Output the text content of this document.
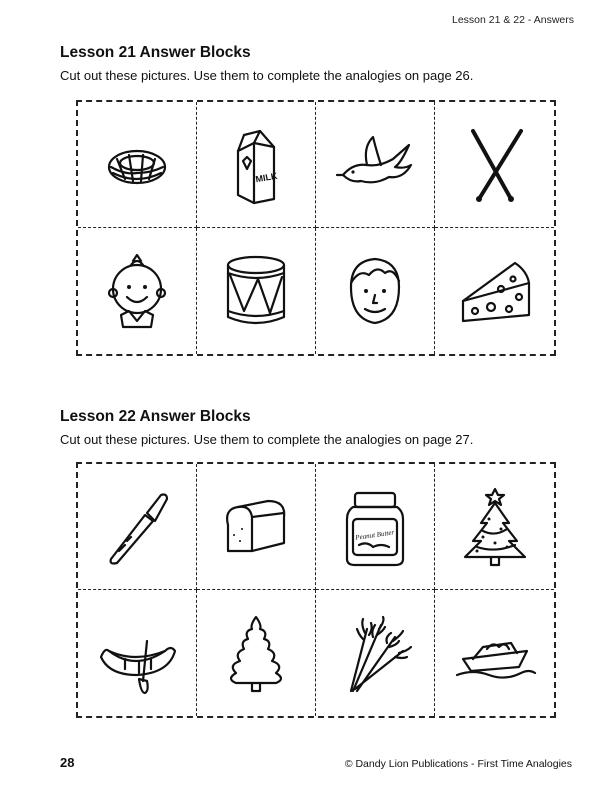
Lesson 21 & 22 - Answers
Lesson 21 Answer Blocks
Cut out these pictures. Use them to complete the analogies on page 26.
MILK
Lesson 22 Answer Blocks
Cut out these pictures. Use them to complete the analogies on page 27.
Peanut Butter
28	© Dandy Lion Publications - First Time Analogies
